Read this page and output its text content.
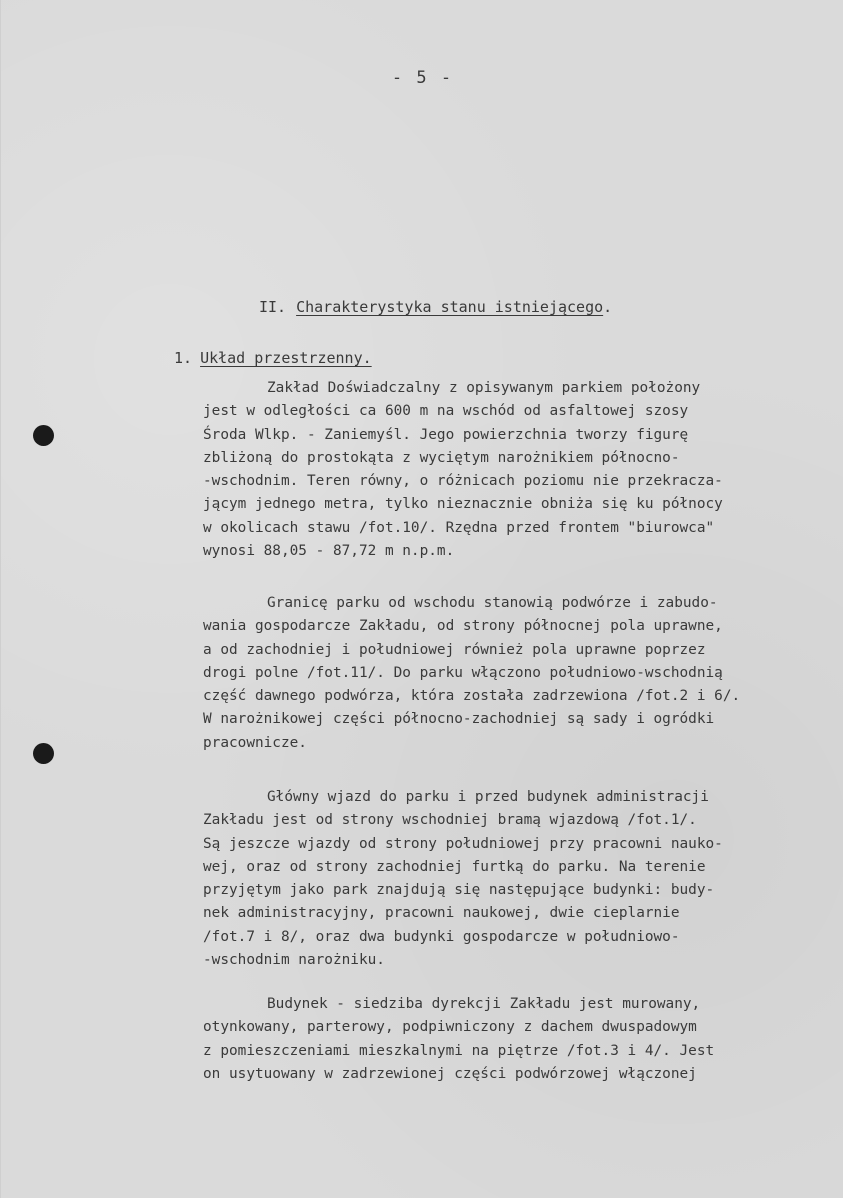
- 5 -
II. Charakterystyka stanu istniejącego.
1. Układ przestrzenny.

Zakład Doświadczalny z opisywanym parkiem położony
jest w odległości ca 600 m na wschód od asfaltowej szosy
Środa Wlkp. - Zaniemyśl. Jego powierzchnia tworzy figurę
zbliżoną do prostokąta z wyciętym narożnikiem północno-
-wschodnim. Teren równy, o różnicach poziomu nie przekracza-
jącym jednego metra, tylko nieznacznie obniża się ku północy
w okolicach stawu /fot.10/. Rzędna przed frontem "biurowca"
wynosi 88,05 - 87,72 m n.p.m.

Granicę parku od wschodu stanowią podwórze i zabudo-
wania gospodarcze Zakładu, od strony północnej pola uprawne,
a od zachodniej i południowej również pola uprawne poprzez
drogi polne /fot.11/. Do parku włączono południowo-wschodnią
część dawnego podwórza, która została zadrzewiona /fot.2 i 6/.
W narożnikowej części północno-zachodniej są sady i ogródki
pracownicze.

Główny wjazd do parku i przed budynek administracji
Zakładu jest od strony wschodniej bramą wjazdową /fot.1/.
Są jeszcze wjazdy od strony południowej przy pracowni nauko-
wej, oraz od strony zachodniej furtką do parku. Na terenie
przyjętym jako park znajdują się następujące budynki: budy-
nek administracyjny, pracowni naukowej, dwie cieplarnie
/fot.7 i 8/, oraz dwa budynki gospodarcze w południowo-
-wschodnim narożniku.

Budynek - siedziba dyrekcji Zakładu jest murowany,
otynkowany, parterowy, podpiwniczony z dachem dwuspadowym
z pomieszczeniami mieszkalnymi na piętrze /fot.3 i 4/. Jest
on usytuowany w zadrzewionej części podwórzowej włączonej
